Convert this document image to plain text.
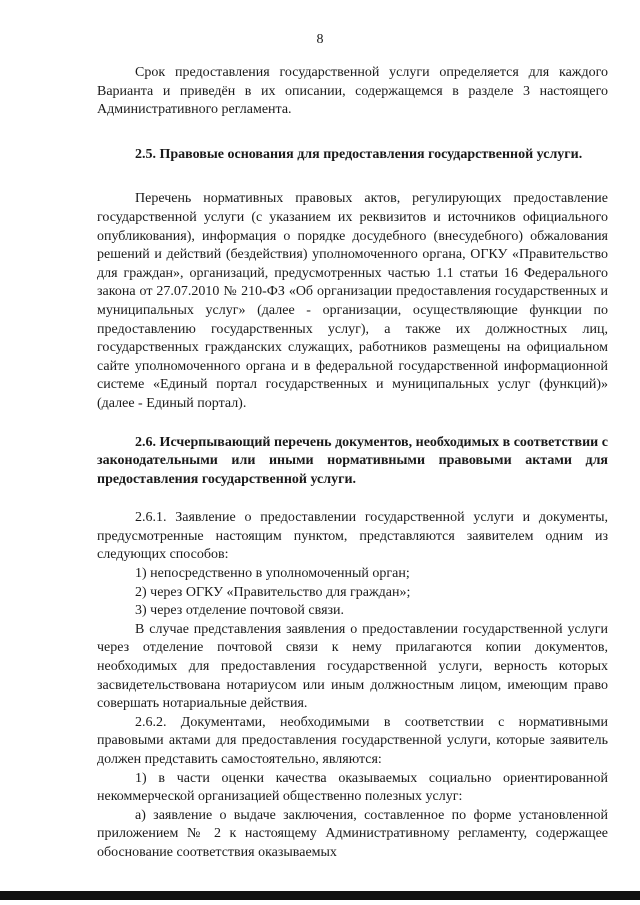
8

Срок предоставления государственной услуги определяется для каждого Варианта и приведён в их описании, содержащемся в разделе 3 настоящего Административного регламента.

2.5. Правовые основания для предоставления государственной услуги.

Перечень нормативных правовых актов, регулирующих предоставление государственной услуги (с указанием их реквизитов и источников официального опубликования), информация о порядке досудебного (внесудебного) обжалования решений и действий (бездействия) уполномоченного органа, ОГКУ «Правительство для граждан», организаций, предусмотренных частью 1.1 статьи 16 Федерального закона от 27.07.2010 № 210-ФЗ «Об организации предоставления государственных и муниципальных услуг» (далее - организации, осуществляющие функции по предоставлению государственных услуг), а также их должностных лиц, государственных гражданских служащих, работников размещены на официальном сайте уполномоченного органа и в федеральной государственной информационной системе «Единый портал государственных и муниципальных услуг (функций)» (далее - Единый портал).

2.6. Исчерпывающий перечень документов, необходимых в соответствии с законодательными или иными нормативными правовыми актами для предоставления государственной услуги.

2.6.1. Заявление о предоставлении государственной услуги и документы, предусмотренные настоящим пунктом, представляются заявителем одним из следующих способов:

1) непосредственно в уполномоченный орган;

2) через ОГКУ «Правительство для граждан»;

3) через отделение почтовой связи.

В случае представления заявления о предоставлении государственной услуги через отделение почтовой связи к нему прилагаются копии документов, необходимых для предоставления государственной услуги, верность которых засвидетельствована нотариусом или иным должностным лицом, имеющим право совершать нотариальные действия.

2.6.2. Документами, необходимыми в соответствии с нормативными правовыми актами для предоставления государственной услуги, которые заявитель должен представить самостоятельно, являются:

1) в части оценки качества оказываемых социально ориентированной некоммерческой организацией общественно полезных услуг:

а) заявление о выдаче заключения, составленное по форме установленной приложением № 2 к настоящему Административному регламенту, содержащее обоснование соответствия оказываемых
